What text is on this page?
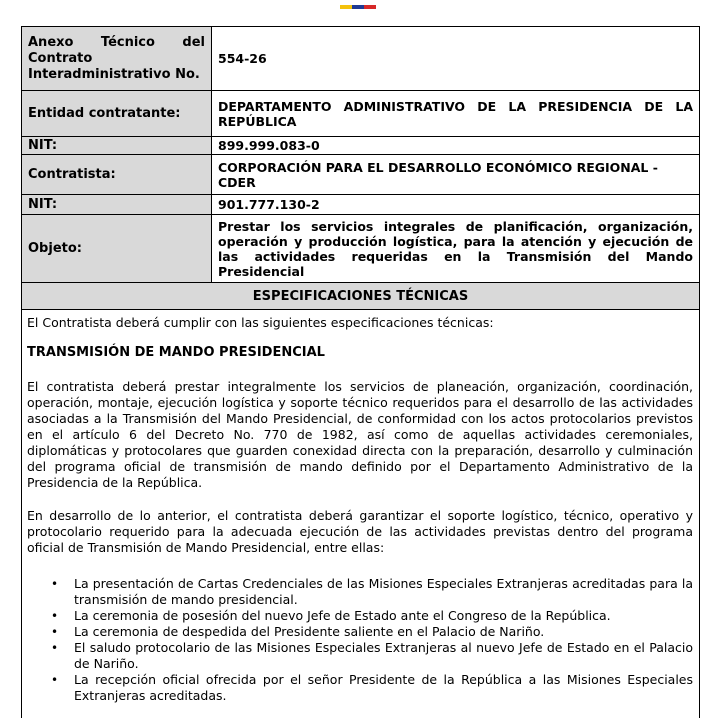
Anexo Técnico del Contrato Interadministrativo No.	554-26
Entidad contratante:	DEPARTAMENTO ADMINISTRATIVO DE LA PRESIDENCIA DE LA REPÚBLICA
NIT:	899.999.083-0
Contratista:	CORPORACIÓN PARA EL DESARROLLO ECONÓMICO REGIONAL - CDER
NIT:	901.777.130-2
Objeto:	Prestar los servicios integrales de planificación, organización, operación y producción logística, para la atención y ejecución de las actividades requeridas en la Transmisión del Mando Presidencial
ESPECIFICACIONES TÉCNICAS	

El Contratista deberá cumplir con las siguientes especificaciones técnicas:

TRANSMISIÓN DE MANDO PRESIDENCIAL

El contratista deberá prestar integralmente los servicios de planeación, organización, coordinación, operación, montaje, ejecución logística y soporte técnico requeridos para el desarrollo de las actividades asociadas a la Transmisión del Mando Presidencial, de conformidad con los actos protocolarios previstos en el artículo 6 del Decreto No. 770 de 1982, así como de aquellas actividades ceremoniales, diplomáticas y protocolares que guarden conexidad directa con la preparación, desarrollo y culminación del programa oficial de transmisión de mando definido por el Departamento Administrativo de la Presidencia de la República.

En desarrollo de lo anterior, el contratista deberá garantizar el soporte logístico, técnico, operativo y protocolario requerido para la adecuada ejecución de las actividades previstas dentro del programa oficial de Transmisión de Mando Presidencial, entre ellas:

• La presentación de Cartas Credenciales de las Misiones Especiales Extranjeras acreditadas para la transmisión de mando presidencial.
• La ceremonia de posesión del nuevo Jefe de Estado ante el Congreso de la República.
• La ceremonia de despedida del Presidente saliente en el Palacio de Nariño.
• El saludo protocolario de las Misiones Especiales Extranjeras al nuevo Jefe de Estado en el Palacio de Nariño.
• La recepción oficial ofrecida por el señor Presidente de la República a las Misiones Especiales Extranjeras acreditadas.
